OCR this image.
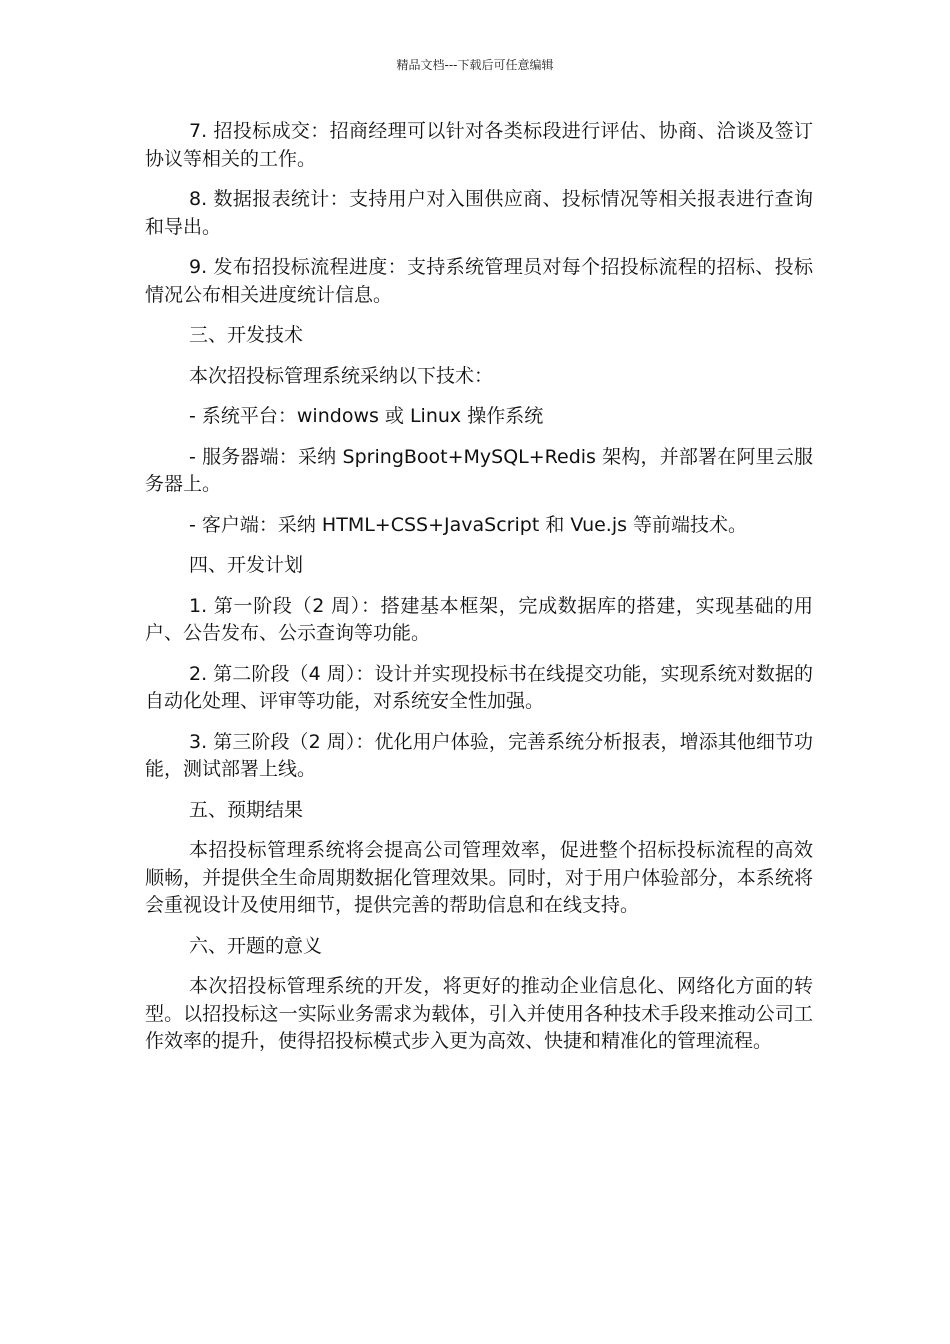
精品文档---下载后可任意编辑

7. 招投标成交：招商经理可以针对各类标段进行评估、协商、洽谈及签订协议等相关的工作。

8. 数据报表统计：支持用户对入围供应商、投标情况等相关报表进行查询和导出。

9. 发布招投标流程进度：支持系统管理员对每个招投标流程的招标、投标情况公布相关进度统计信息。

三、开发技术

本次招投标管理系统采纳以下技术：

- 系统平台：windows 或 Linux 操作系统

- 服务器端：采纳 SpringBoot+MySQL+Redis 架构，并部署在阿里云服务器上。

- 客户端：采纳 HTML+CSS+JavaScript 和 Vue.js 等前端技术。

四、开发计划

1. 第一阶段（2 周）：搭建基本框架，完成数据库的搭建，实现基础的用户、公告发布、公示查询等功能。

2. 第二阶段（4 周）：设计并实现投标书在线提交功能，实现系统对数据的自动化处理、评审等功能，对系统安全性加强。

3. 第三阶段（2 周）：优化用户体验，完善系统分析报表，增添其他细节功能，测试部署上线。

五、预期结果

本招投标管理系统将会提高公司管理效率，促进整个招标投标流程的高效顺畅，并提供全生命周期数据化管理效果。同时，对于用户体验部分，本系统将会重视设计及使用细节，提供完善的帮助信息和在线支持。

六、开题的意义

本次招投标管理系统的开发，将更好的推动企业信息化、网络化方面的转型。以招投标这一实际业务需求为载体，引入并使用各种技术手段来推动公司工作效率的提升，使得招投标模式步入更为高效、快捷和精准化的管理流程。
